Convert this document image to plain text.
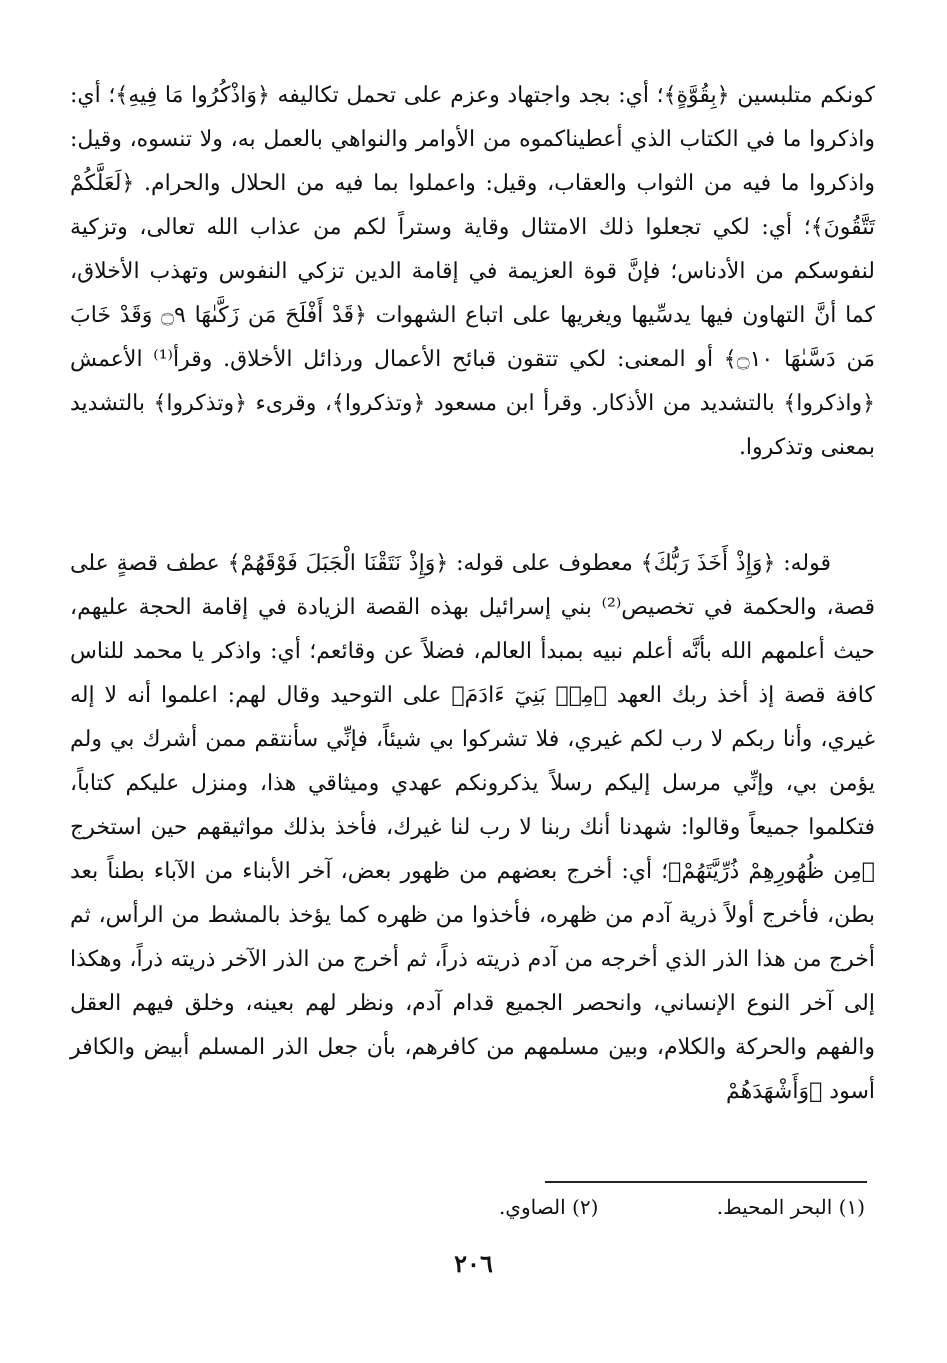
كونكم متلبسين ﴿بِقُوَّةٍ﴾؛ أي: بجد واجتهاد وعزم على تحمل تكاليفه ﴿وَاذْكُرُوا مَا فِيهِ﴾؛ أي: واذكروا ما في الكتاب الذي أعطيناكموه من الأوامر والنواهي بالعمل به، ولا تنسوه، وقيل: واذكروا ما فيه من الثواب والعقاب، وقيل: واعملوا بما فيه من الحلال والحرام. ﴿لَعَلَّكُمْ تَتَّقُونَ﴾؛ أي: لكي تجعلوا ذلك الامتثال وقاية وستراً لكم من عذاب الله تعالى، وتزكية لنفوسكم من الأدناس؛ فإنَّ قوة العزيمة في إقامة الدين تزكي النفوس وتهذب الأخلاق، كما أنَّ التهاون فيها يدسِّيها ويغريها على اتباع الشهوات ﴿قَدْ أَفْلَحَ مَن زَكَّىٰهَا ۝٩ وَقَدْ خَابَ مَن دَسَّىٰهَا ۝١٠﴾ أو المعنى: لكي تتقون قبائح الأعمال ورذائل الأخلاق. وقرأ⁽¹⁾ الأعمش ﴿واذكروا﴾ بالتشديد من الأذكار. وقرأ ابن مسعود ﴿وتذكروا﴾، وقرىء ﴿وتذكروا﴾ بالتشديد بمعنى وتذكروا.

قوله: ﴿وَإِذْ أَخَذَ رَبُّكَ﴾ معطوف على قوله: ﴿وَإِذْ نَتَقْنَا الْجَبَلَ فَوْقَهُمْ﴾ عطف قصةٍ على قصة، والحكمة في تخصيص⁽²⁾ بني إسرائيل بهذه القصة الزيادة في إقامة الحجة عليهم، حيث أعلمهم الله بأنَّه أعلم نبيه بمبدأ العالم، فضلاً عن وقائعم؛ أي: واذكر يا محمد للناس كافة قصة إذ أخذ ربك العهد ﴿مِنۢ بَنِيٓ ءَادَمَ﴾ على التوحيد وقال لهم: اعلموا أنه لا إله غيري، وأنا ربكم لا رب لكم غيري، فلا تشركوا بي شيئاً، فإنِّي سأنتقم ممن أشرك بي ولم يؤمن بي، وإنِّي مرسل إليكم رسلاً يذكرونكم عهدي وميثاقي هذا، ومنزل عليكم كتاباً، فتكلموا جميعاً وقالوا: شهدنا أنك ربنا لا رب لنا غيرك، فأخذ بذلك مواثيقهم حين استخرج ﴿مِن ظُهُورِهِمْ ذُرِّيَّتَهُمْ﴾؛ أي: أخرج بعضهم من ظهور بعض، آخر الأبناء من الآباء بطناً بعد بطن، فأخرج أولاً ذرية آدم من ظهره، فأخذوا من ظهره كما يؤخذ بالمشط من الرأس، ثم أخرج من هذا الذر الذي أخرجه من آدم ذريته ذراً، ثم أخرج من الذر الآخر ذريته ذراً، وهكذا إلى آخر النوع الإنساني، وانحصر الجميع قدام آدم، ونظر لهم بعينه، وخلق فيهم العقل والفهم والحركة والكلام، وبين مسلمهم من كافرهم، بأن جعل الذر المسلم أبيض والكافر أسود ﴿وَأَشْهَدَهُمْ

(١) البحر المحيط. (٢) الصاوي.
٢٠٦
